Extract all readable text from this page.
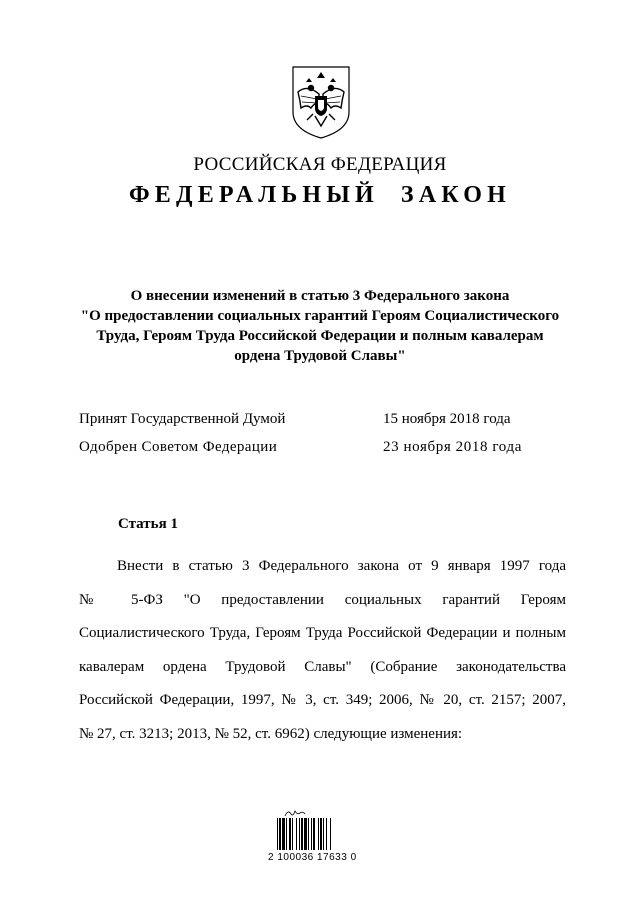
РОССИЙСКАЯ ФЕДЕРАЦИЯ
ФЕДЕРАЛЬНЫЙ ЗАКОН
О внесении изменений в статью 3 Федерального закона
"О предоставлении социальных гарантий Героям Социалистического
Труда, Героям Труда Российской Федерации и полным кавалерам
ордена Трудовой Славы"
Принят Государственной Думой	15 ноября 2018 года
Одобрен Советом Федерации	23 ноября 2018 года
Статья 1
Внести в статью 3 Федерального закона от 9 января 1997 года
№ 5-ФЗ "О предоставлении социальных гарантий Героям
Социалистического Труда, Героям Труда Российской Федерации и полным
кавалерам ордена Трудовой Славы" (Собрание законодательства
Российской Федерации, 1997, № 3, ст. 349; 2006, № 20, ст. 2157; 2007,
№ 27, ст. 3213; 2013, № 52, ст. 6962) следующие изменения:
2 100036 17633 0
